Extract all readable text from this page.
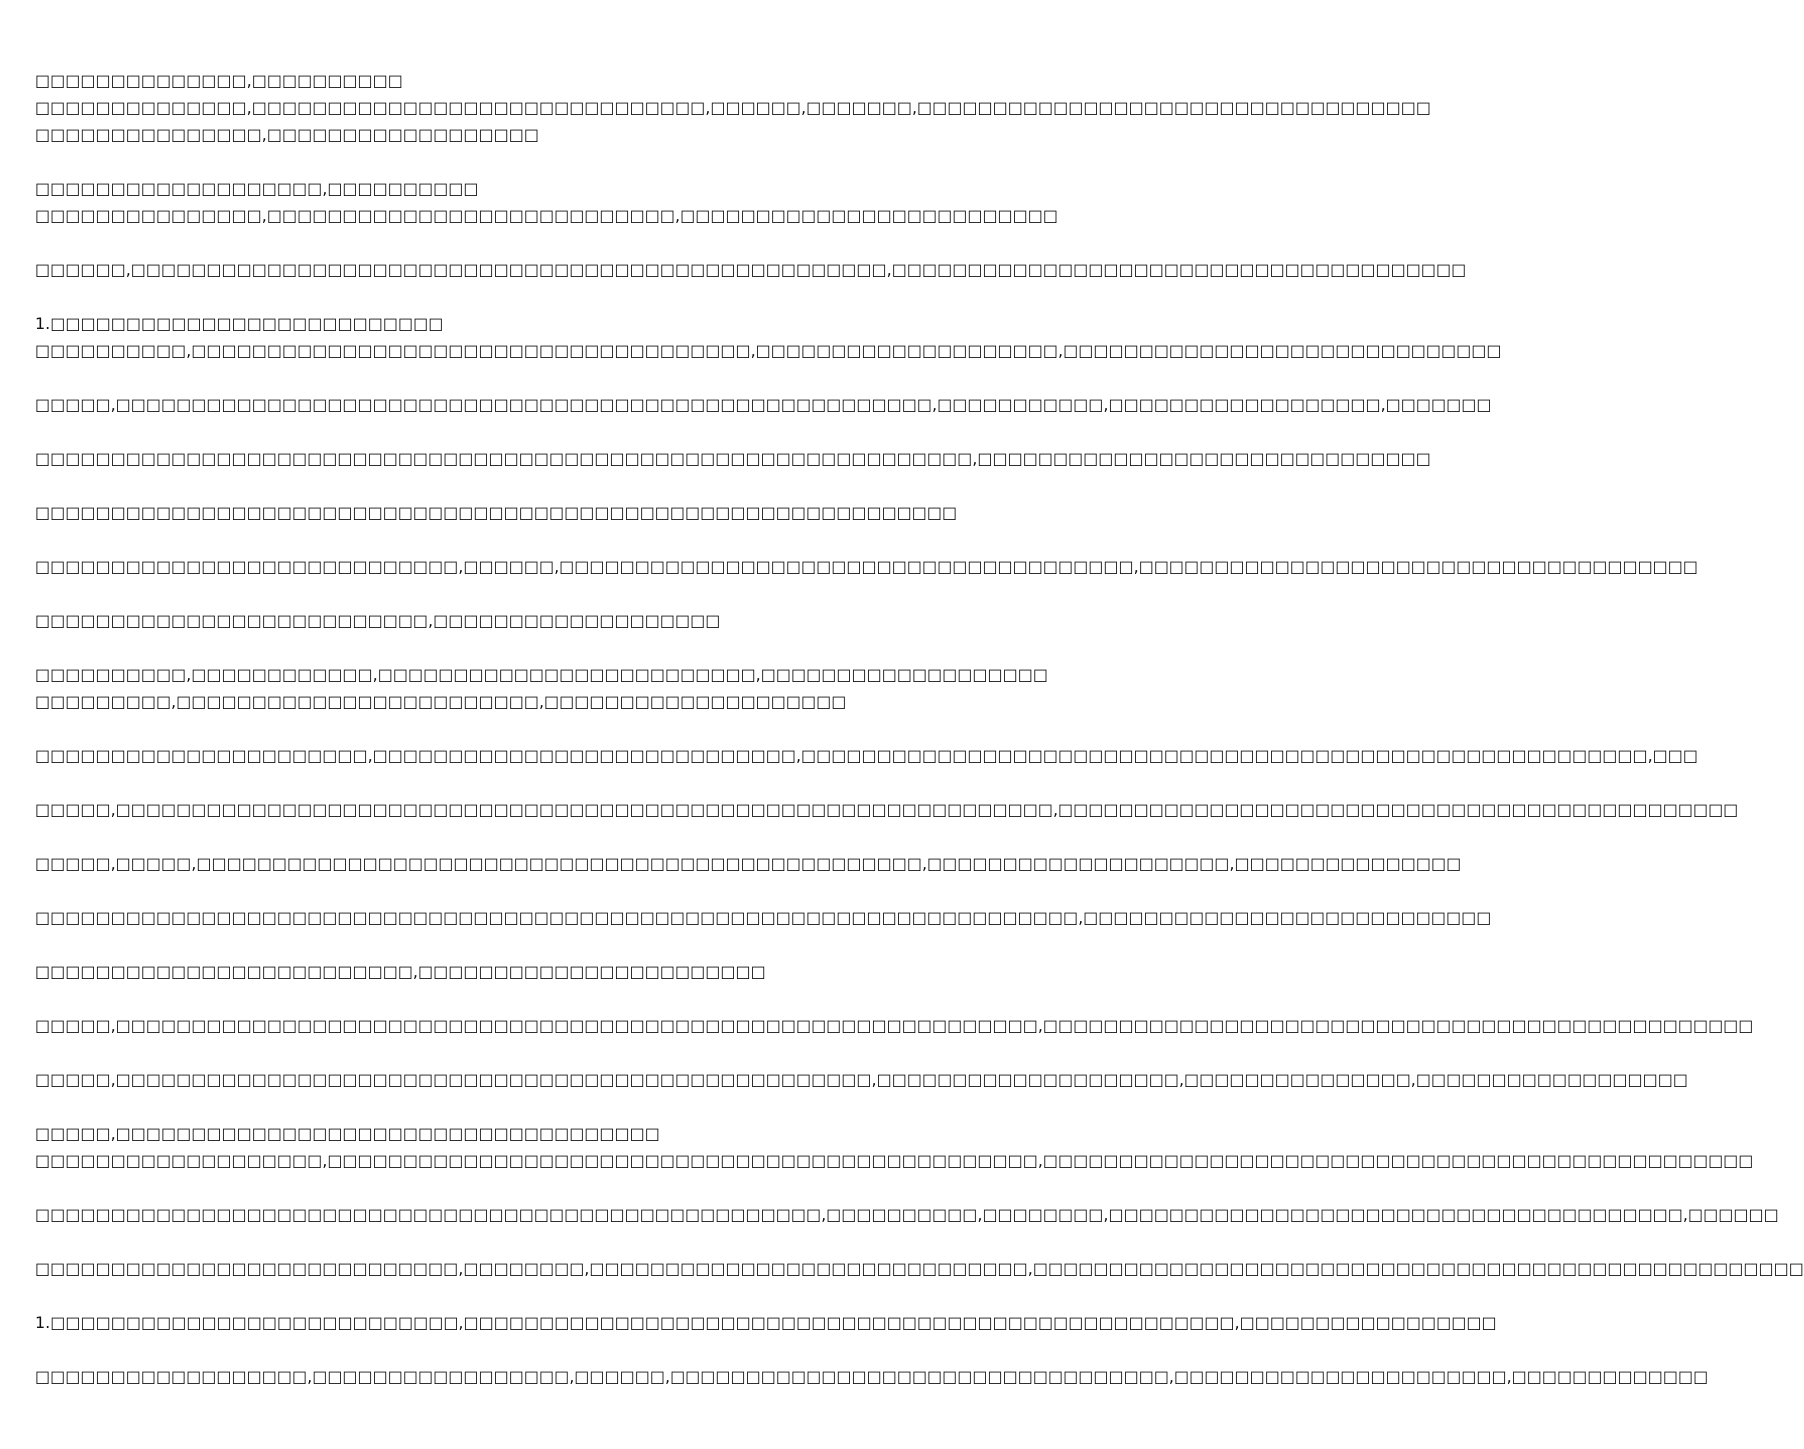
□□□□□□□□□□□□□□,□□□□□□□□□□
□□□□□□□□□□□□□□,□□□□□□□□□□□□□□□□□□□□□□□□□□□□□□,□□□□□□,□□□□□□□,□□□□□□□□□□□□□□□□□□□□□□□□□□□□□□□□□□
□□□□□□□□□□□□□□□,□□□□□□□□□□□□□□□□□□

□□□□□□□□□□□□□□□□□□□,□□□□□□□□□□
□□□□□□□□□□□□□□□,□□□□□□□□□□□□□□□□□□□□□□□□□□□,□□□□□□□□□□□□□□□□□□□□□□□□□

□□□□□□,□□□□□□□□□□□□□□□□□□□□□□□□□□□□□□□□□□□□□□□□□□□□□□□□□□,□□□□□□□□□□□□□□□□□□□□□□□□□□□□□□□□□□□□□□

1.□□□□□□□□□□□□□□□□□□□□□□□□□□
□□□□□□□□□□,□□□□□□□□□□□□□□□□□□□□□□□□□□□□□□□□□□□□□,□□□□□□□□□□□□□□□□□□□□,□□□□□□□□□□□□□□□□□□□□□□□□□□□□□

□□□□□,□□□□□□□□□□□□□□□□□□□□□□□□□□□□□□□□□□□□□□□□□□□□□□□□□□□□□□,□□□□□□□□□□□,□□□□□□□□□□□□□□□□□□,□□□□□□□

□□□□□□□□□□□□□□□□□□□□□□□□□□□□□□□□□□□□□□□□□□□□□□□□□□□□□□□□□□□□□□,□□□□□□□□□□□□□□□□□□□□□□□□□□□□□□

□□□□□□□□□□□□□□□□□□□□□□□□□□□□□□□□□□□□□□□□□□□□□□□□□□□□□□□□□□□□□

□□□□□□□□□□□□□□□□□□□□□□□□□□□□,□□□□□□,□□□□□□□□□□□□□□□□□□□□□□□□□□□□□□□□□□□□□□,□□□□□□□□□□□□□□□□□□□□□□□□□□□□□□□□□□□□□

□□□□□□□□□□□□□□□□□□□□□□□□□□,□□□□□□□□□□□□□□□□□□□

□□□□□□□□□□,□□□□□□□□□□□□,□□□□□□□□□□□□□□□□□□□□□□□□□,□□□□□□□□□□□□□□□□□□□
□□□□□□□□□,□□□□□□□□□□□□□□□□□□□□□□□□,□□□□□□□□□□□□□□□□□□□□

□□□□□□□□□□□□□□□□□□□□□□,□□□□□□□□□□□□□□□□□□□□□□□□□□□□,□□□□□□□□□□□□□□□□□□□□□□□□□□□□□□□□□□□□□□□□□□□□□□□□□□□□□□□□,□□□

□□□□□,□□□□□□□□□□□□□□□□□□□□□□□□□□□□□□□□□□□□□□□□□□□□□□□□□□□□□□□□□□□□□□,□□□□□□□□□□□□□□□□□□□□□□□□□□□□□□□□□□□□□□□□□□□□□

□□□□□,□□□□□,□□□□□□□□□□□□□□□□□□□□□□□□□□□□□□□□□□□□□□□□□□□□□□□□,□□□□□□□□□□□□□□□□□□□□,□□□□□□□□□□□□□□□

□□□□□□□□□□□□□□□□□□□□□□□□□□□□□□□□□□□□□□□□□□□□□□□□□□□□□□□□□□□□□□□□□□□□□,□□□□□□□□□□□□□□□□□□□□□□□□□□□

□□□□□□□□□□□□□□□□□□□□□□□□□,□□□□□□□□□□□□□□□□□□□□□□□

□□□□□,□□□□□□□□□□□□□□□□□□□□□□□□□□□□□□□□□□□□□□□□□□□□□□□□□□□□□□□□□□□□□,□□□□□□□□□□□□□□□□□□□□□□□□□□□□□□□□□□□□□□□□□□□□□□□

□□□□□,□□□□□□□□□□□□□□□□□□□□□□□□□□□□□□□□□□□□□□□□□□□□□□□□□□,□□□□□□□□□□□□□□□□□□□□,□□□□□□□□□□□□□□□,□□□□□□□□□□□□□□□□□□

□□□□□,□□□□□□□□□□□□□□□□□□□□□□□□□□□□□□□□□□□□
□□□□□□□□□□□□□□□□□□□,□□□□□□□□□□□□□□□□□□□□□□□□□□□□□□□□□□□□□□□□□□□□□□□,□□□□□□□□□□□□□□□□□□□□□□□□□□□□□□□□□□□□□□□□□□□□□□□

□□□□□□□□□□□□□□□□□□□□□□□□□□□□□□□□□□□□□□□□□□□□□□□□□□□□,□□□□□□□□□□,□□□□□□□□,□□□□□□□□□□□□□□□□□□□□□□□□□□□□□□□□□□□□□□,□□□□□□

□□□□□□□□□□□□□□□□□□□□□□□□□□□□,□□□□□□□□,□□□□□□□□□□□□□□□□□□□□□□□□□□□□□,□□□□□□□□□□□□□□□□□□□□□□□□□□□□□□□□□□□□□□□□□□□□□□□□□□□

1.□□□□□□□□□□□□□□□□□□□□□□□□□□□,□□□□□□□□□□□□□□□□□□□□□□□□□□□□□□□□□□□□□□□□□□□□□□□□□□□,□□□□□□□□□□□□□□□□□

□□□□□□□□□□□□□□□□□□,□□□□□□□□□□□□□□□□□,□□□□□□,□□□□□□□□□□□□□□□□□□□□□□□□□□□□□□□□□,□□□□□□□□□□□□□□□□□□□□□□,□□□□□□□□□□□□□
